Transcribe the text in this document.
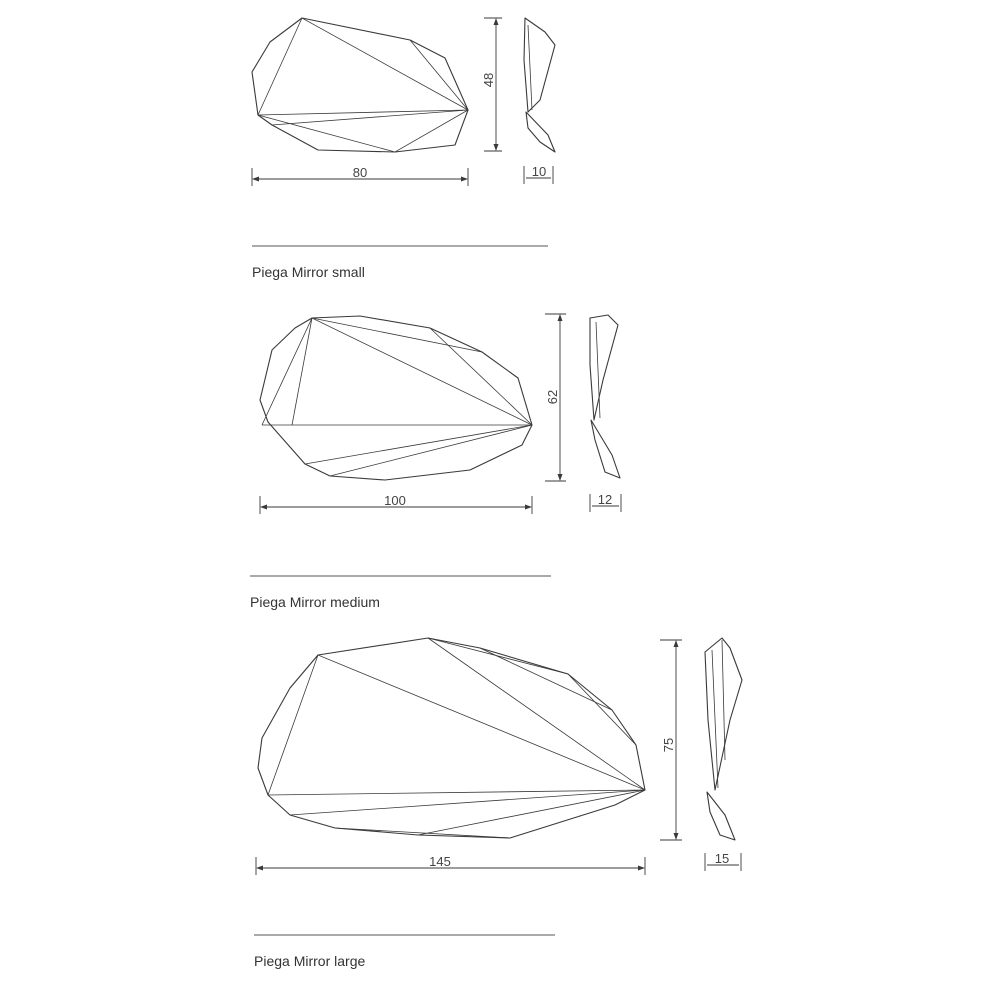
80
48
10
Piega Mirror small
100
62
12
Piega Mirror medium
145
75
15
Piega Mirror large
